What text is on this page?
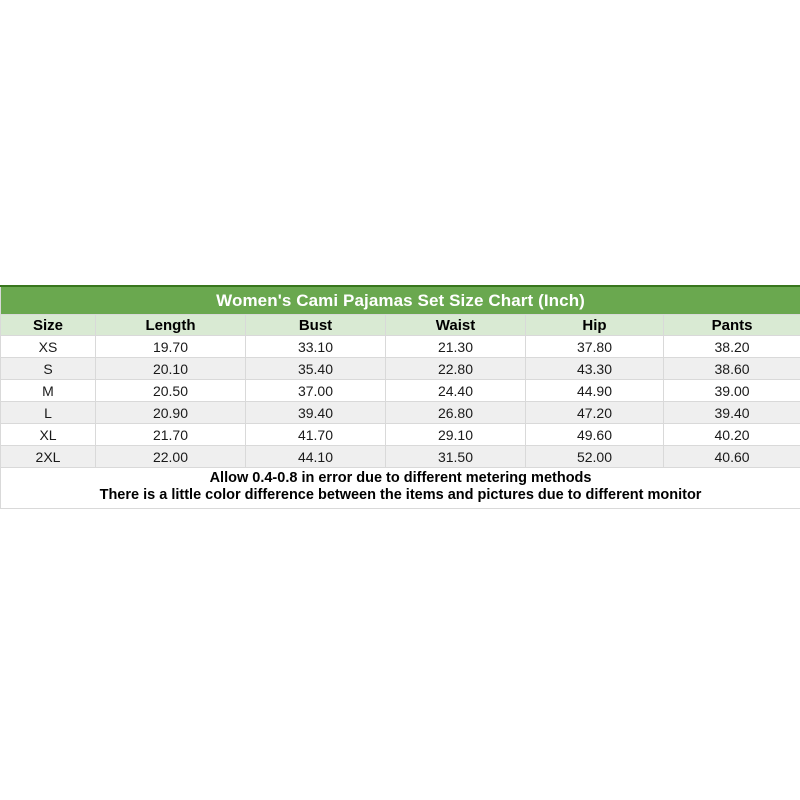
Women's Cami Pajamas Set Size Chart (Inch)					
Size	Length	Bust	Waist	Hip	Pants
XS	19.70	33.10	21.30	37.80	38.20
S	20.10	35.40	22.80	43.30	38.60
M	20.50	37.00	24.40	44.90	39.00
L	20.90	39.40	26.80	47.20	39.40
XL	21.70	41.70	29.10	49.60	40.20
2XL	22.00	44.10	31.50	52.00	40.60

Allow 0.4-0.8 in error due to different metering methods
There is a little color difference between the items and pictures due to different monitor					
